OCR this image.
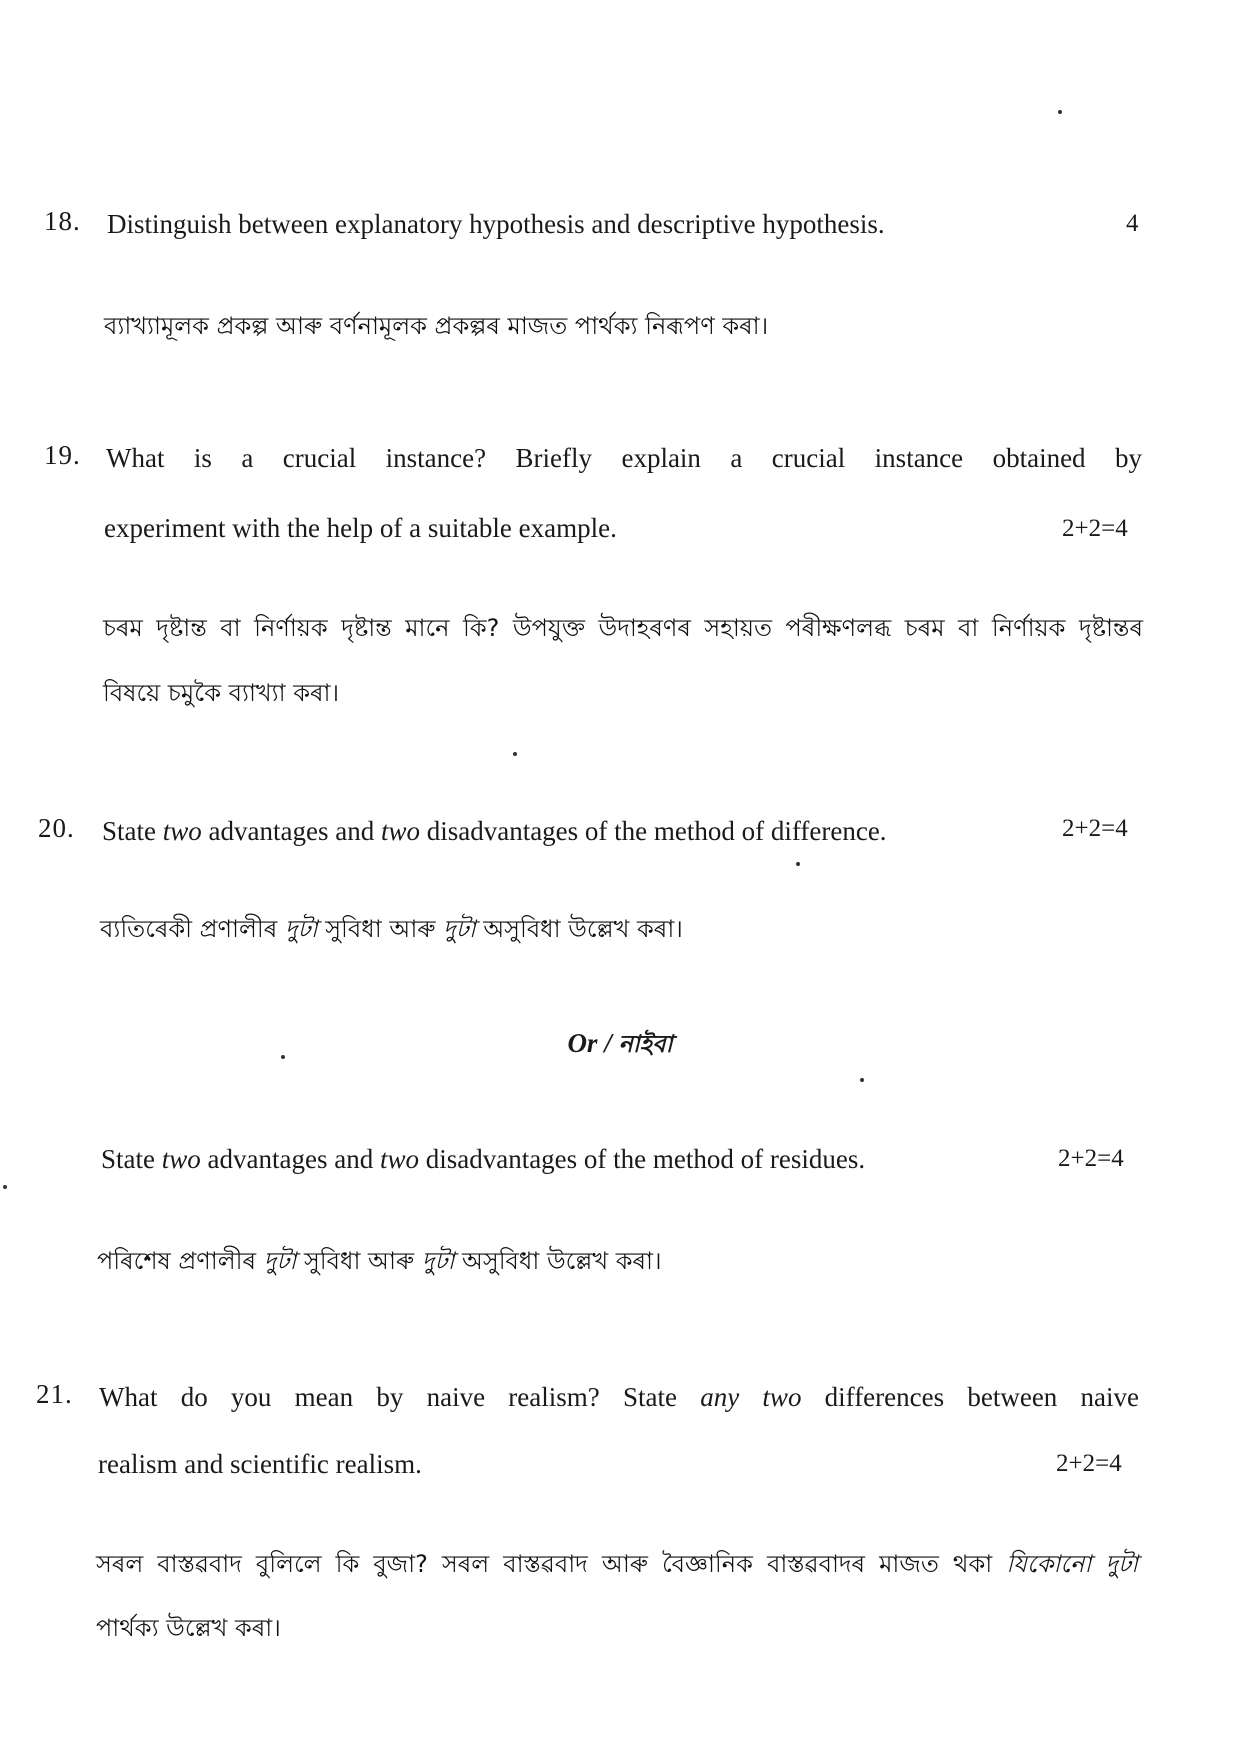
18. Distinguish between explanatory hypothesis and descriptive hypothesis.	4
ব্যাখ্যামূলক প্ৰকল্প আৰু বৰ্ণনামূলক প্ৰকল্পৰ মাজত পাৰ্থক্য নিৰূপণ কৰা।
19. What is a crucial instance? Briefly explain a crucial instance obtained by
experiment with the help of a suitable example.	2+2=4
চৰম দৃষ্টান্ত বা নিৰ্ণায়ক দৃষ্টান্ত মানে কি? উপযুক্ত উদাহৰণৰ সহায়ত পৰীক্ষণলব্ধ চৰম বা নিৰ্ণায়ক দৃষ্টান্তৰ
বিষয়ে চমুকৈ ব্যাখ্যা কৰা।
20. State two advantages and two disadvantages of the method of difference.	2+2=4
ব্যতিৰেকী প্ৰণালীৰ দুটা সুবিধা আৰু দুটা অসুবিধা উল্লেখ কৰা।
Or / নাইবা
State two advantages and two disadvantages of the method of residues.	2+2=4
পৰিশেষ প্ৰণালীৰ দুটা সুবিধা আৰু দুটা অসুবিধা উল্লেখ কৰা।
21. What do you mean by naive realism? State any two differences between naive
realism and scientific realism.	2+2=4
সৰল বাস্তৱবাদ বুলিলে কি বুজা? সৰল বাস্তৱবাদ আৰু বৈজ্ঞানিক বাস্তৱবাদৰ মাজত থকা যিকোনো দুটা
পাৰ্থক্য উল্লেখ কৰা।
